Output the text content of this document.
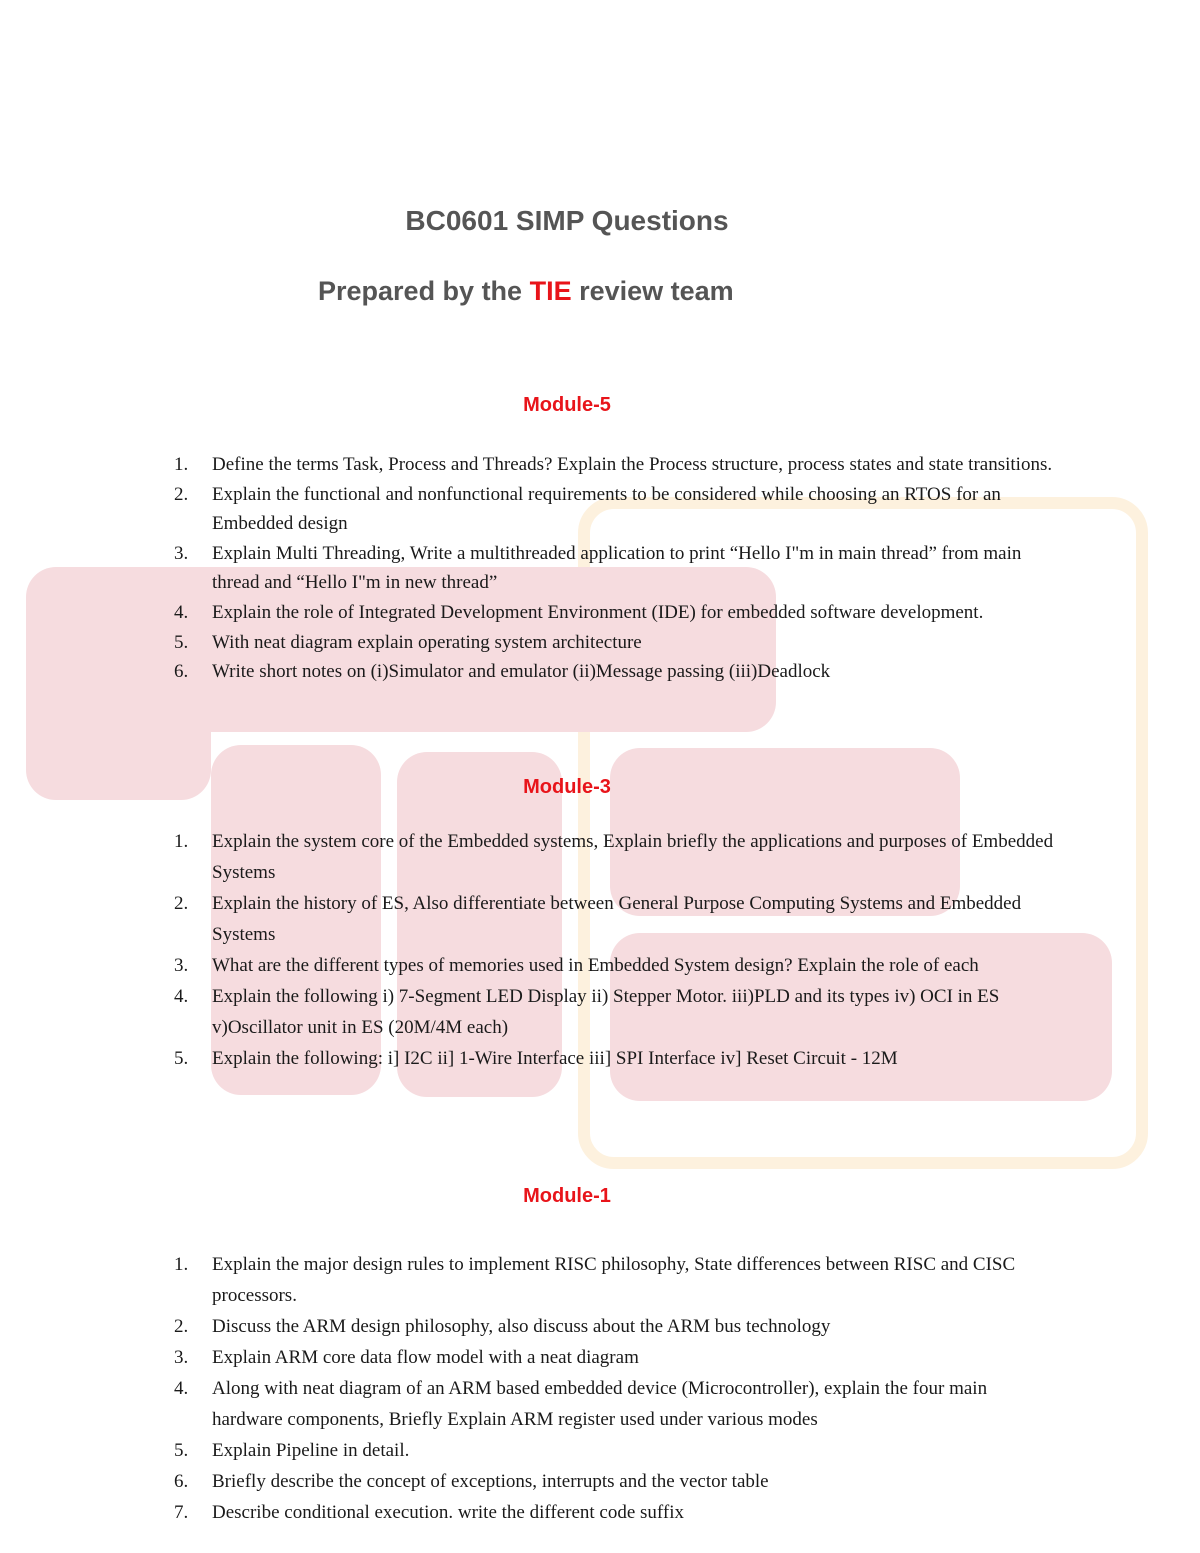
BC0601 SIMP Questions
Prepared by the TIE review team
Module-5
1.	Define the terms Task, Process and Threads? Explain the Process structure, process states and state transitions.
2.	Explain the functional and nonfunctional requirements to be considered while choosing an RTOS for an Embedded design
3.	Explain Multi Threading, Write a multithreaded application to print “Hello I"m in main thread” from main thread and “Hello I"m in new thread”
4.	Explain the role of Integrated Development Environment (IDE) for embedded software development.
5.	With neat diagram explain operating system architecture
6.	Write short notes on (i)Simulator and emulator (ii)Message passing (iii)Deadlock
Module-3
1.	Explain the system core of the Embedded systems, Explain briefly the applications and purposes of Embedded Systems
2.	Explain the history of ES, Also differentiate between General Purpose Computing Systems and Embedded Systems
3.	What are the different types of memories used in Embedded System design? Explain the role of each
4.	Explain the following i) 7-Segment LED Display ii) Stepper Motor. iii)PLD and its types iv) OCI in ES v)Oscillator unit in ES (20M/4M each)
5.	Explain the following: i] I2C ii] 1-Wire Interface iii] SPI Interface iv] Reset Circuit - 12M
Module-1
1.	Explain the major design rules to implement RISC philosophy, State differences between RISC and CISC processors.
2.	Discuss the ARM design philosophy, also discuss about the ARM bus technology
3.	Explain ARM core data flow model with a neat diagram
4.	Along with neat diagram of an ARM based embedded device (Microcontroller), explain the four main hardware components, Briefly Explain ARM register used under various modes
5.	Explain Pipeline in detail.
6.	Briefly describe the concept of exceptions, interrupts and the vector table
7.	Describe conditional execution. write the different code suffix
